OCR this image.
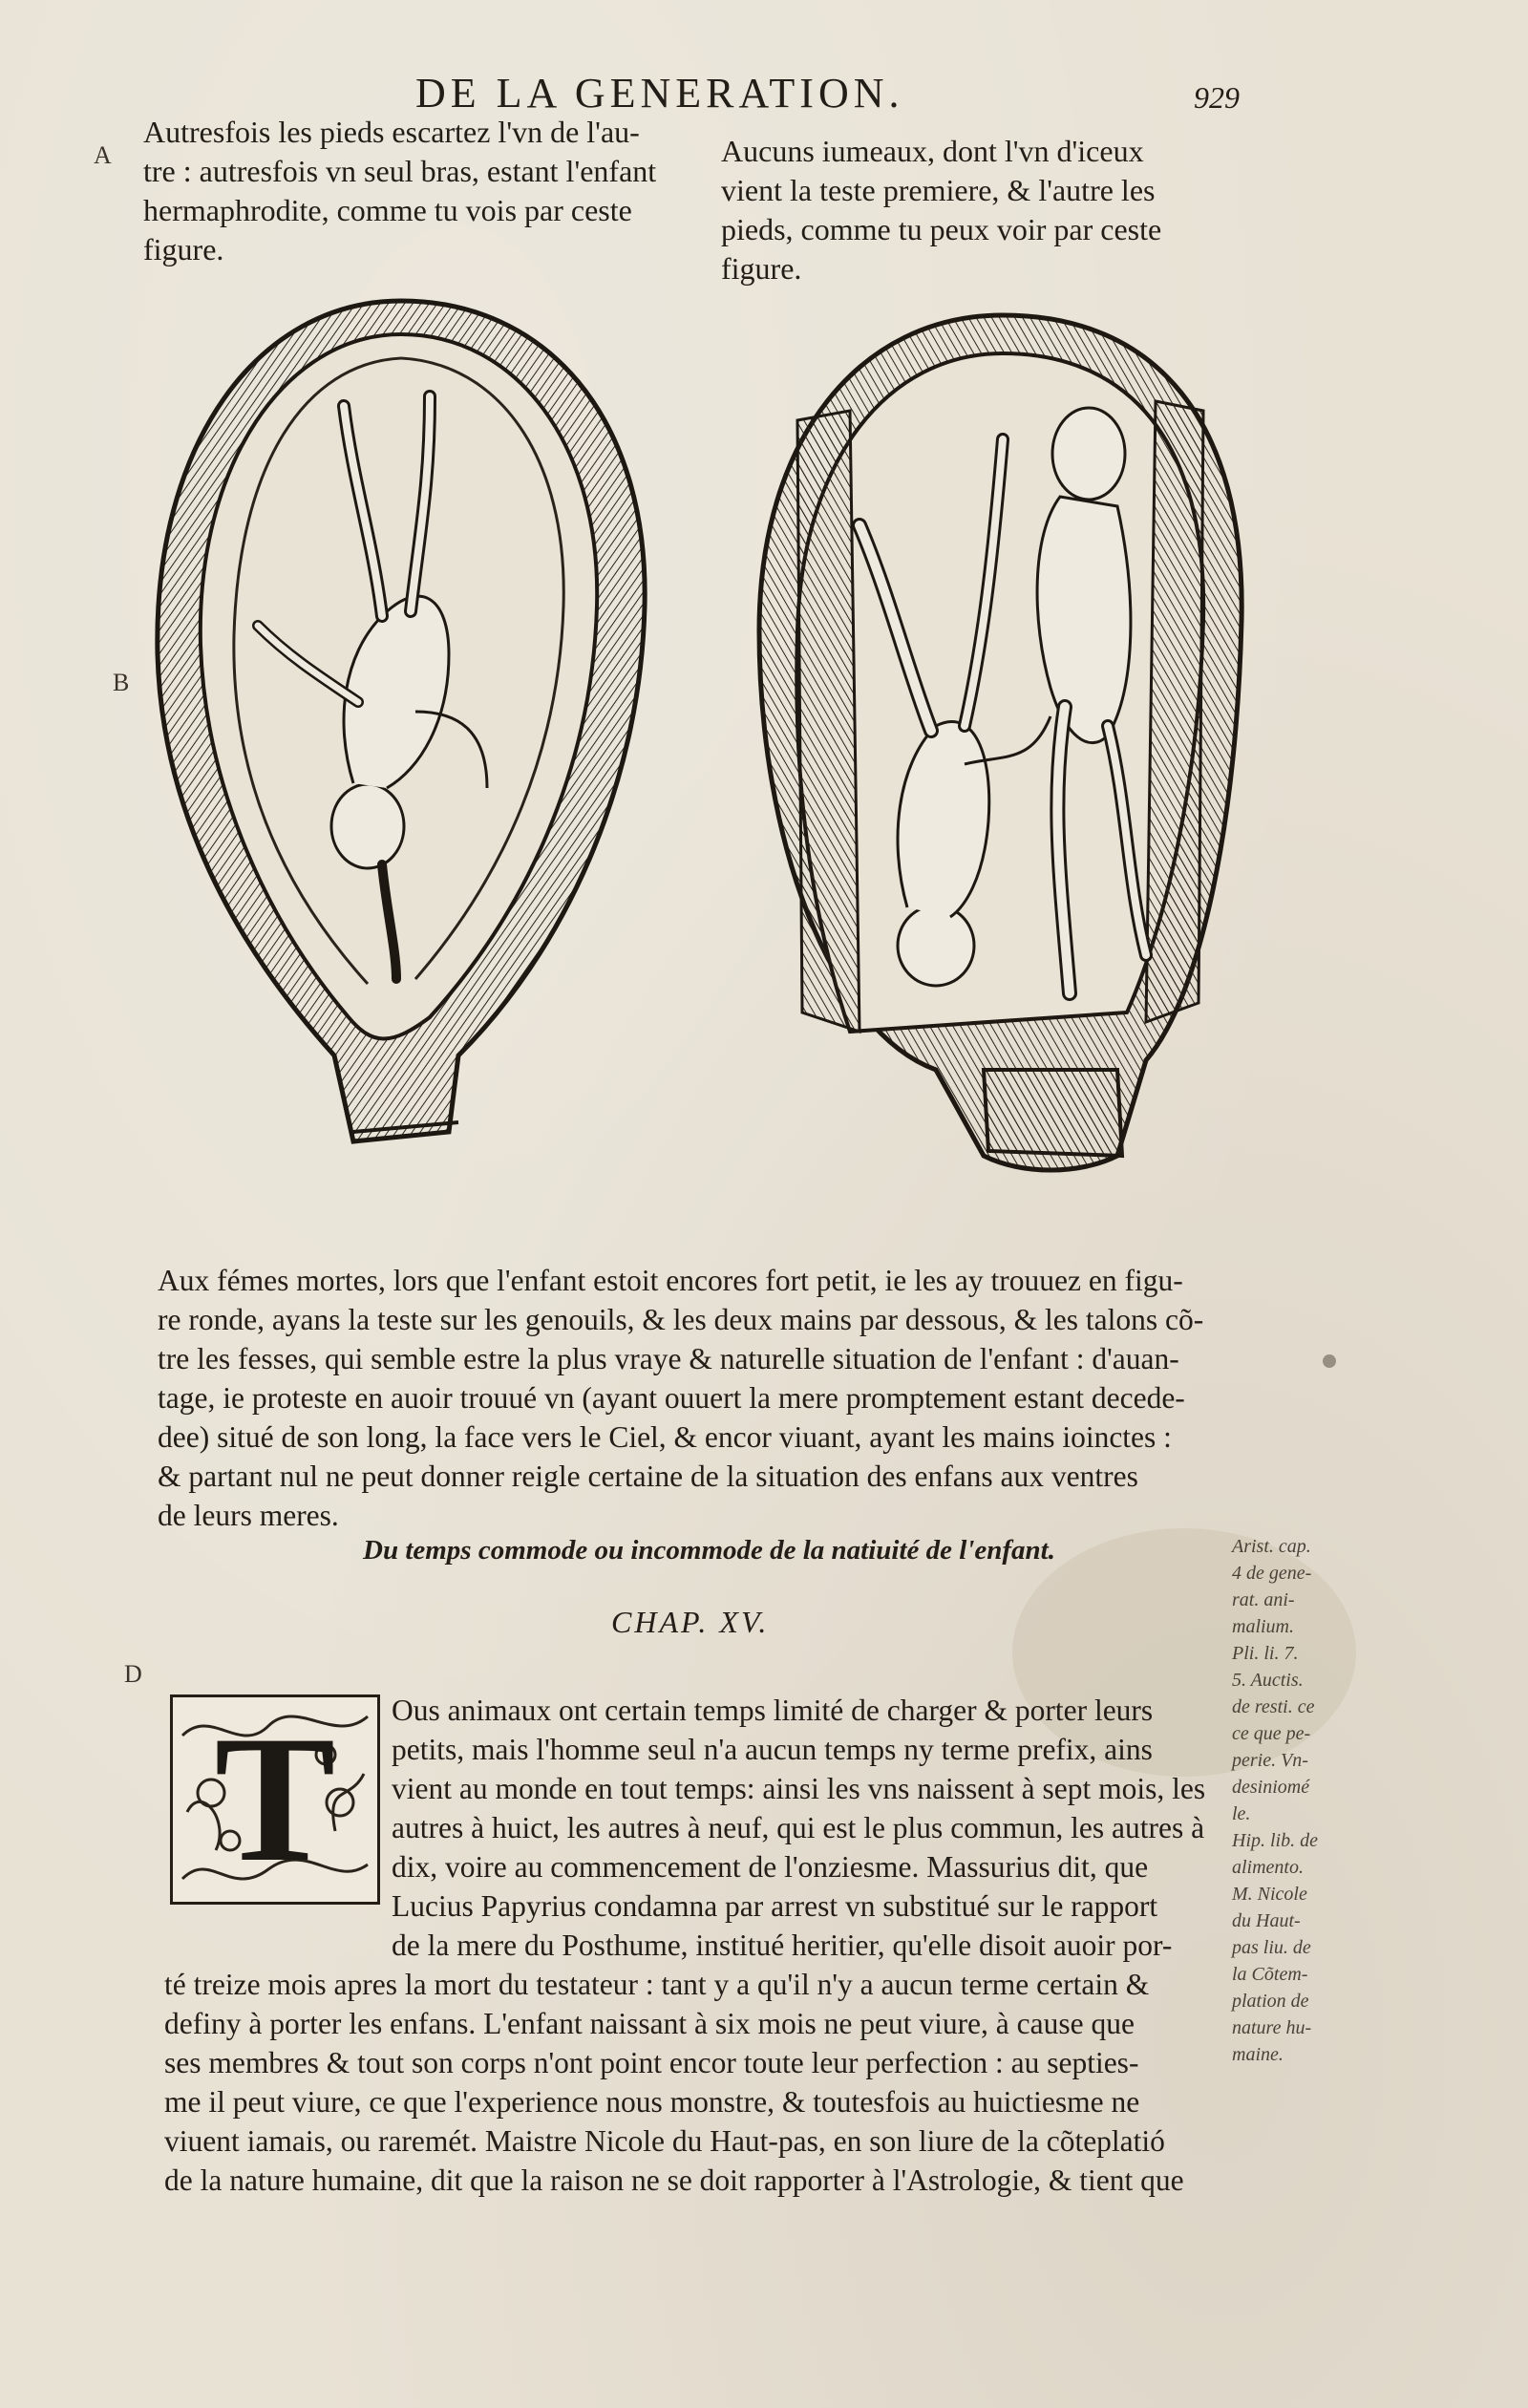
DE LA GENERATION.	929
A
B
D

Autresfois les pieds escartez l'vn de l'au-

tre : autresfois vn seul bras, estant l'enfant

hermaphrodite, comme tu vois par ceste

figure.

Aucuns iumeaux, dont l'vn d'iceux

vient la teste premiere, & l'autre les

pieds, comme tu peux voir par ceste

figure.

Aux fémes mortes, lors que l'enfant estoit encores fort petit, ie les ay trouuez en figu-

re ronde, ayans la teste sur les genouils, & les deux mains par dessous, & les talons cõ-

tre les fesses, qui semble estre la plus vraye & naturelle situation de l'enfant : d'auan-

tage, ie proteste en auoir trouué vn (ayant ouuert la mere promptement estant decede-

dee) situé de son long, la face vers le Ciel, & encor viuant, ayant les mains ioinctes :

& partant nul ne peut donner reigle certaine de la situation des enfans aux ventres

de leurs meres.

Du temps commode ou incommode de la natiuité de l'enfant.
CHAP. XV.
T	Ous animaux ont certain temps limité de charger & porter leurs

petits, mais l'homme seul n'a aucun temps ny terme prefix, ains

vient au monde en tout temps: ainsi les vns naissent à sept mois, les

autres à huict, les autres à neuf, qui est le plus commun, les autres à

dix, voire au commencement de l'onziesme. Massurius dit, que

Lucius Papyrius condamna par arrest vn substitué sur le rapport

de la mere du Posthume, institué heritier, qu'elle disoit auoir por-

té treize mois apres la mort du testateur : tant y a qu'il n'y a aucun terme certain &

definy à porter les enfans. L'enfant naissant à six mois ne peut viure, à cause que

ses membres & tout son corps n'ont point encor toute leur perfection : au septies-

me il peut viure, ce que l'experience nous monstre, & toutesfois au huictiesme ne

viuent iamais, ou raremét. Maistre Nicole du Haut-pas, en son liure de la cõteplatió

de la nature humaine, dit que la raison ne se doit rapporter à l'Astrologie, & tient que

Arist. cap.
4 de gene-
rat. ani-
malium.
Pli. li. 7.
5. Auctis.
de resti. ce
ce que pe-
perie. Vn-
desiniomé
le.
Hip. lib. de
alimento.
M. Nicole
du Haut-
pas liu. de
la Cõtem-
plation de
nature hu-
maine.
